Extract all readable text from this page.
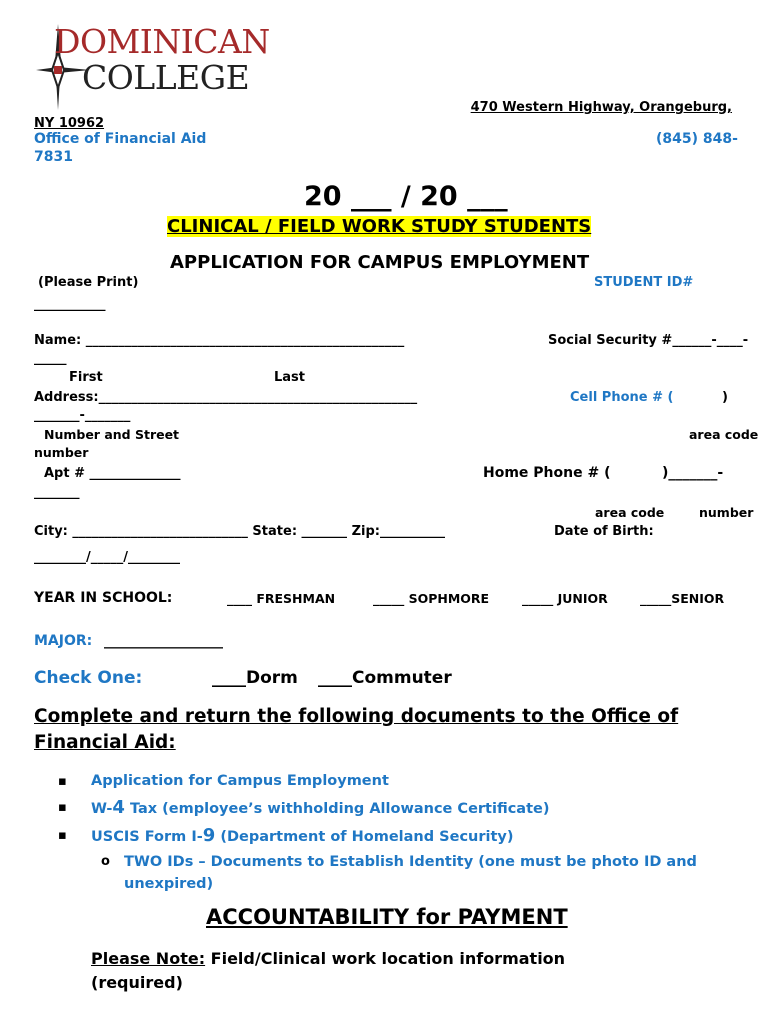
DOMINICAN
COLLEGE
470 Western Highway, Orangeburg,
NY 10962
Office of Financial Aid	(845) 848-
7831
20 ___ / 20 ___
CLINICAL / FIELD WORK STUDY STUDENTS
APPLICATION FOR CAMPUS EMPLOYMENT
(Please Print)	STUDENT ID#
___________
Name: _________________________________________________	Social Security #______-____-
_____
First	Last
Address:_________________________________________________	Cell Phone # (	)
_______-_______
Number and Street	area code
number
Apt # ______________	Home Phone # (	)_______-
_______
area code	number
City: ___________________________ State: _______ Zip:__________	Date of Birth:
________/_____/________
YEAR IN SCHOOL:	____ FRESHMAN	_____ SOPHMORE	_____ JUNIOR	_____SENIOR
MAJOR: _________________
Check One:	____Dorm ____Commuter
Complete and return the following documents to the Office of
Financial Aid:
▪ Application for Campus Employment
▪ W-4 Tax (employee’s withholding Allowance Certificate)
▪ USCIS Form I-9 (Department of Homeland Security)
o TWO IDs – Documents to Establish Identity (one must be photo ID and unexpired)
ACCOUNTABILITY for PAYMENT
Please Note: Field/Clinical work location information
(required)
